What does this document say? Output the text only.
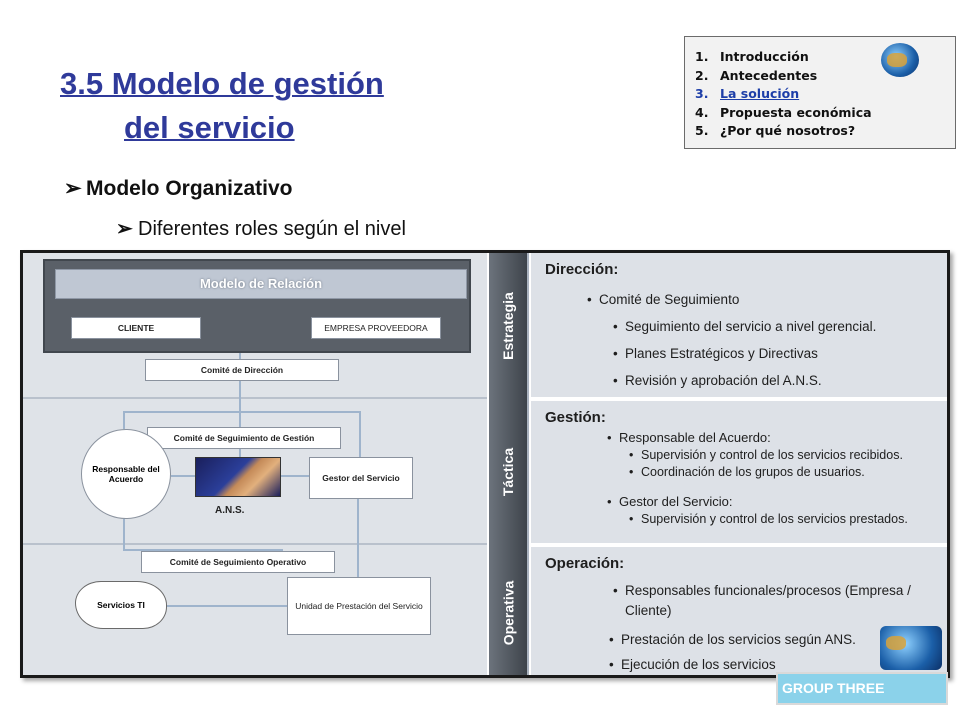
3.5 Modelo de gestión
del servicio
1. Introducción
2. Antecedentes
3. La solución
4. Propuesta económica
5. ¿Por qué nosotros?
➢ Modelo Organizativo
➢ Diferentes roles según el nivel
Modelo de Relación
CLIENTE	EMPRESA PROVEEDORA
Comité de Dirección
Comité de Seguimiento de Gestión
Responsable del Acuerdo
A.N.S.
Gestor del Servicio
Comité de Seguimiento Operativo
Servicios TI	Unidad de Prestación del Servicio
Estrategia
Táctica
Operativa
Dirección:
• Comité de Seguimiento
• Seguimiento del servicio a nivel gerencial.
• Planes Estratégicos y Directivas
• Revisión y aprobación del A.N.S.
Gestión:
• Responsable del Acuerdo:
• Supervisión y control de los servicios recibidos.
• Coordinación de los grupos de usuarios.
• Gestor del Servicio:
• Supervisión y control de los servicios prestados.
Operación:
• Responsables funcionales/procesos (Empresa /
Cliente)
• Prestación de los servicios según ANS.
• Ejecución de los servicios
GROUP THREE
